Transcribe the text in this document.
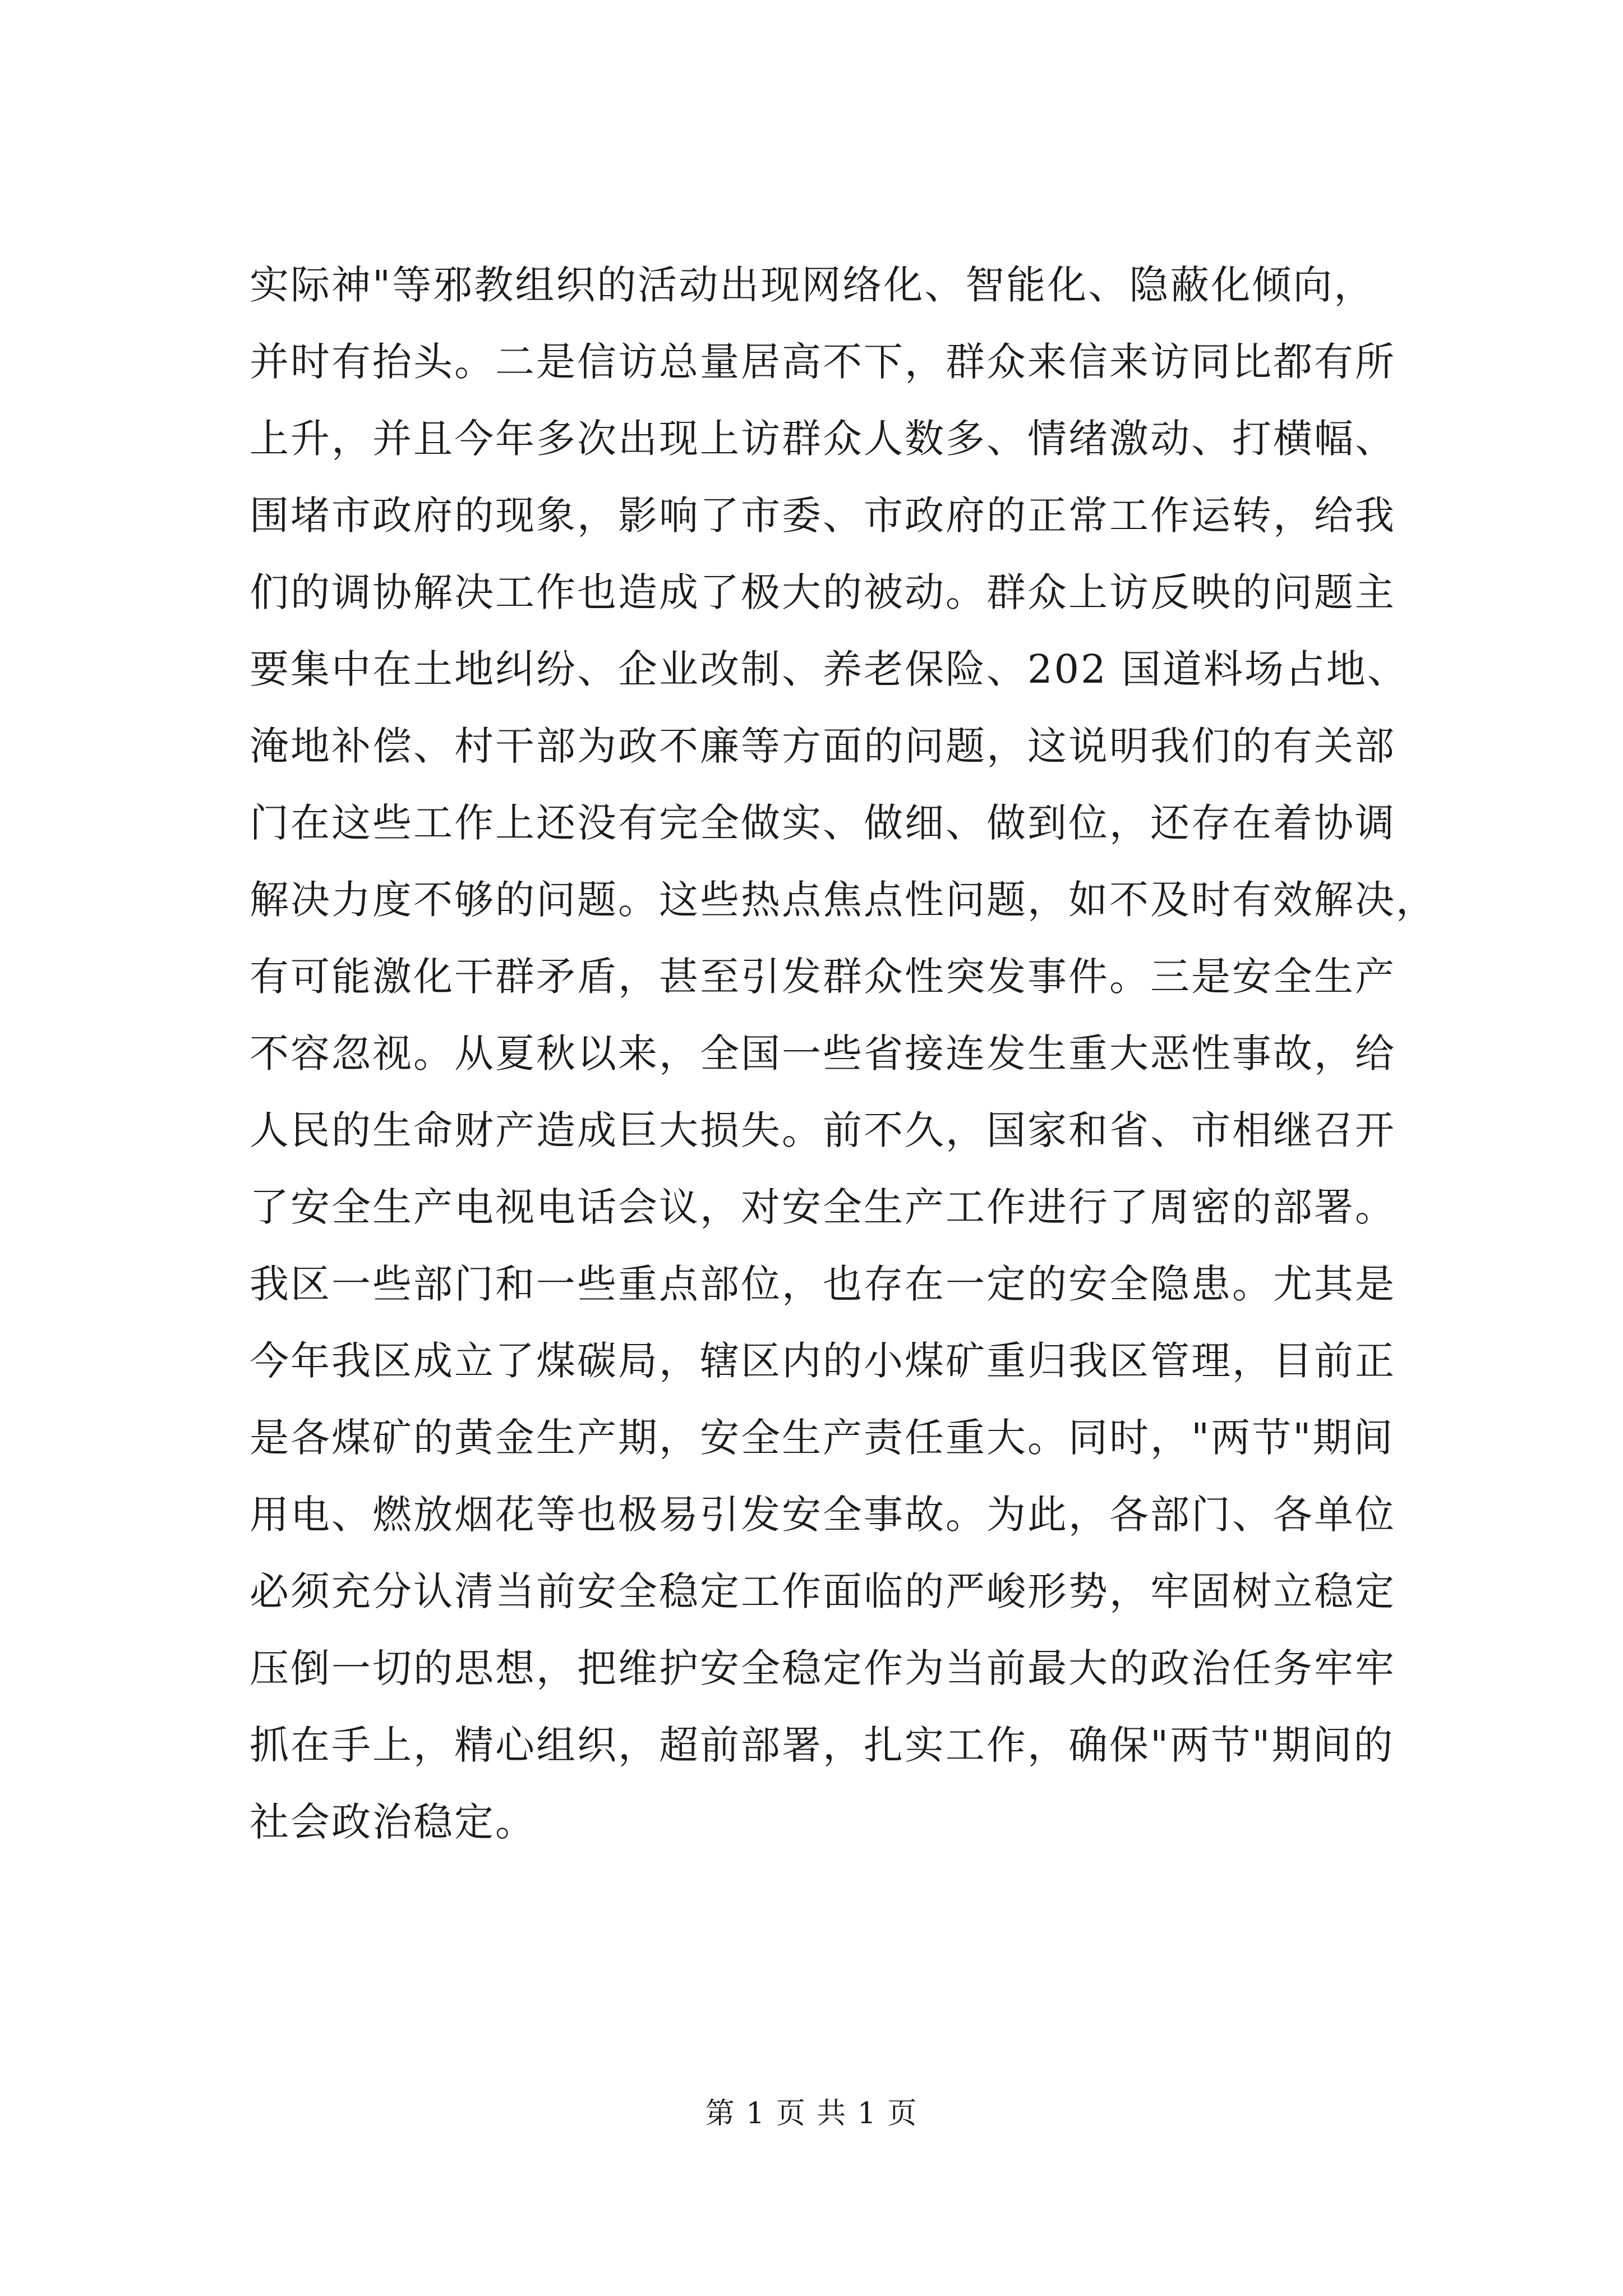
实际神"等邪教组织的活动出现网络化、智能化、隐蔽化倾向，
并时有抬头。二是信访总量居高不下，群众来信来访同比都有所
上升，并且今年多次出现上访群众人数多、情绪激动、打横幅、
围堵市政府的现象，影响了市委、市政府的正常工作运转，给我
们的调协解决工作也造成了极大的被动。群众上访反映的问题主
要集中在土地纠纷、企业改制、养老保险、202 国道料场占地、
淹地补偿、村干部为政不廉等方面的问题，这说明我们的有关部
门在这些工作上还没有完全做实、做细、做到位，还存在着协调
解决力度不够的问题。这些热点焦点性问题，如不及时有效解决，
有可能激化干群矛盾，甚至引发群众性突发事件。三是安全生产
不容忽视。从夏秋以来，全国一些省接连发生重大恶性事故，给
人民的生命财产造成巨大损失。前不久，国家和省、市相继召开
了安全生产电视电话会议，对安全生产工作进行了周密的部署。
我区一些部门和一些重点部位，也存在一定的安全隐患。尤其是
今年我区成立了煤碳局，辖区内的小煤矿重归我区管理，目前正
是各煤矿的黄金生产期，安全生产责任重大。同时，"两节"期间
用电、燃放烟花等也极易引发安全事故。为此，各部门、各单位
必须充分认清当前安全稳定工作面临的严峻形势，牢固树立稳定
压倒一切的思想，把维护安全稳定作为当前最大的政治任务牢牢
抓在手上，精心组织，超前部署，扎实工作，确保"两节"期间的
社会政治稳定。
第 1 页 共 1 页
